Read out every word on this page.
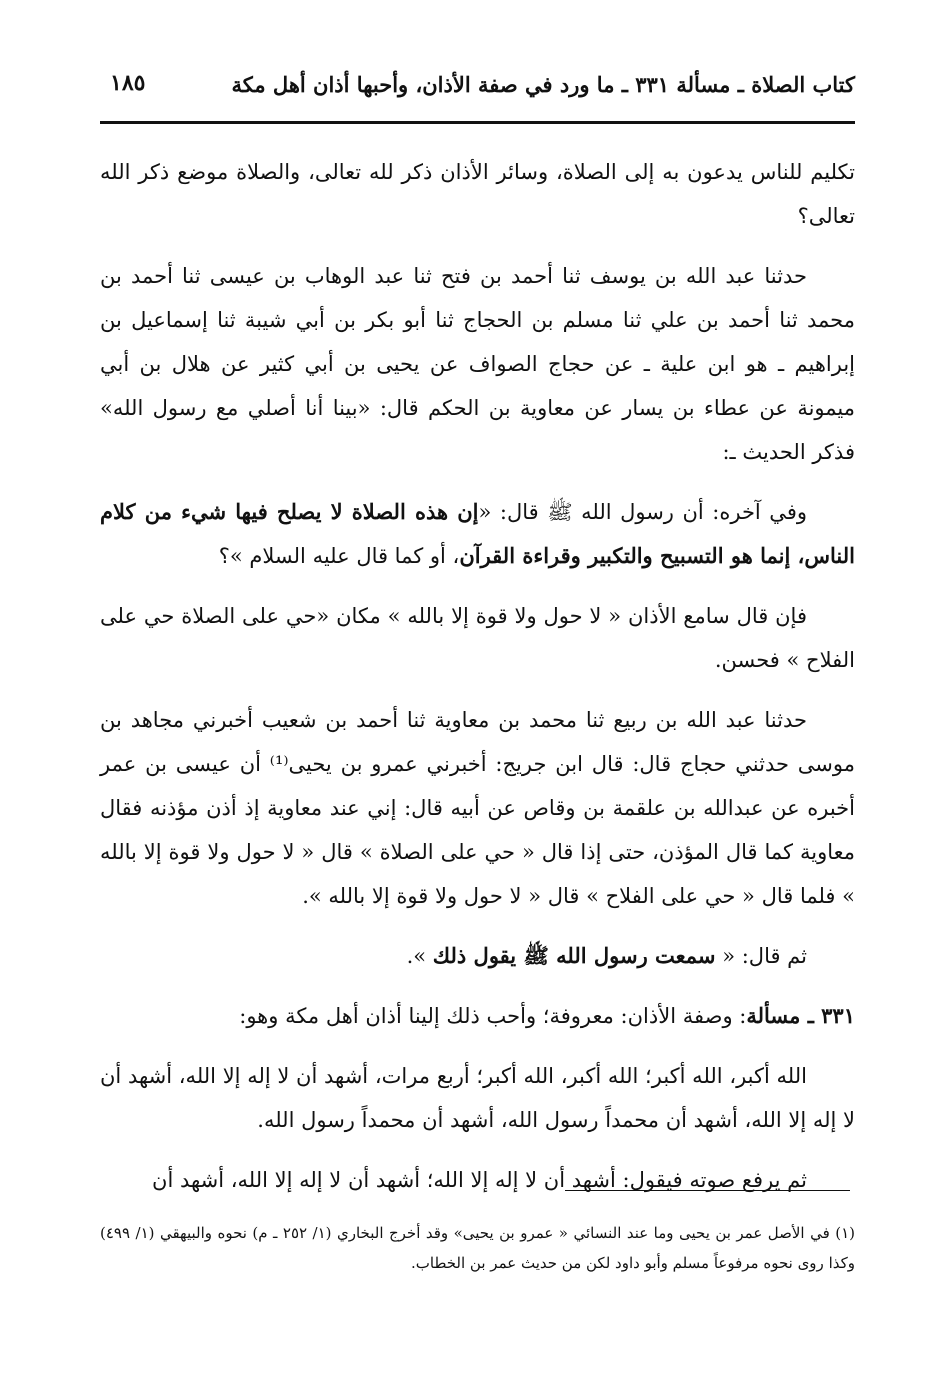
كتاب الصلاة ـ مسألة ٣٣١ ـ ما ورد في صفة الأذان، وأحبها أذان أهل مكة
١٨٥

تكليم للناس يدعون به إلى الصلاة، وسائر الأذان ذكر لله تعالى، والصلاة موضع ذكر الله تعالى؟

حدثنا عبد الله بن يوسف ثنا أحمد بن فتح ثنا عبد الوهاب بن عيسى ثنا أحمد بن محمد ثنا أحمد بن علي ثنا مسلم بن الحجاج ثنا أبو بكر بن أبي شيبة ثنا إسماعيل بن إبراهيم ـ هو ابن علية ـ عن حجاج الصواف عن يحيى بن أبي كثير عن هلال بن أبي ميمونة عن عطاء بن يسار عن معاوية بن الحكم قال: «بينا أنا أصلي مع رسول الله» فذكر الحديث ـ:

وفي آخره: أن رسول الله ﷺ قال: «إن هذه الصلاة لا يصلح فيها شيء من كلام الناس، إنما هو التسبيح والتكبير وقراءة القرآن، أو كما قال عليه السلام »؟

فإن قال سامع الأذان « لا حول ولا قوة إلا بالله » مكان «حي على الصلاة حي على الفلاح » فحسن.

حدثنا عبد الله بن ربيع ثنا محمد بن معاوية ثنا أحمد بن شعيب أخبرني مجاهد بن موسى حدثني حجاج قال: قال ابن جريج: أخبرني عمرو بن يحيى⁽¹⁾ أن عيسى بن عمر أخبره عن عبدالله بن علقمة بن وقاص عن أبيه قال: إني عند معاوية إذ أذن مؤذنه فقال معاوية كما قال المؤذن، حتى إذا قال « حي على الصلاة » قال « لا حول ولا قوة إلا بالله » فلما قال « حي على الفلاح » قال « لا حول ولا قوة إلا بالله ».

ثم قال: « سمعت رسول الله ﷺ يقول ذلك ».

٣٣١ ـ مسألة: وصفة الأذان: معروفة؛ وأحب ذلك إلينا أذان أهل مكة وهو:

الله أكبر، الله أكبر؛ الله أكبر، الله أكبر؛ أربع مرات، أشهد أن لا إله إلا الله، أشهد أن لا إله إلا الله، أشهد أن محمداً رسول الله، أشهد أن محمداً رسول الله.

ثم يرفع صوته فيقول: أشهد أن لا إله إلا الله؛ أشهد أن لا إله إلا الله، أشهد أن

(١) في الأصل عمر بن يحيى وما عند النسائي « عمرو بن يحيى» وقد أخرج البخاري (١/ ٢٥٢ ـ م) نحوه والبيهقي (١/ ٤٩٩) وكذا روى نحوه مرفوعاً مسلم وأبو داود لكن من حديث عمر بن الخطاب.
